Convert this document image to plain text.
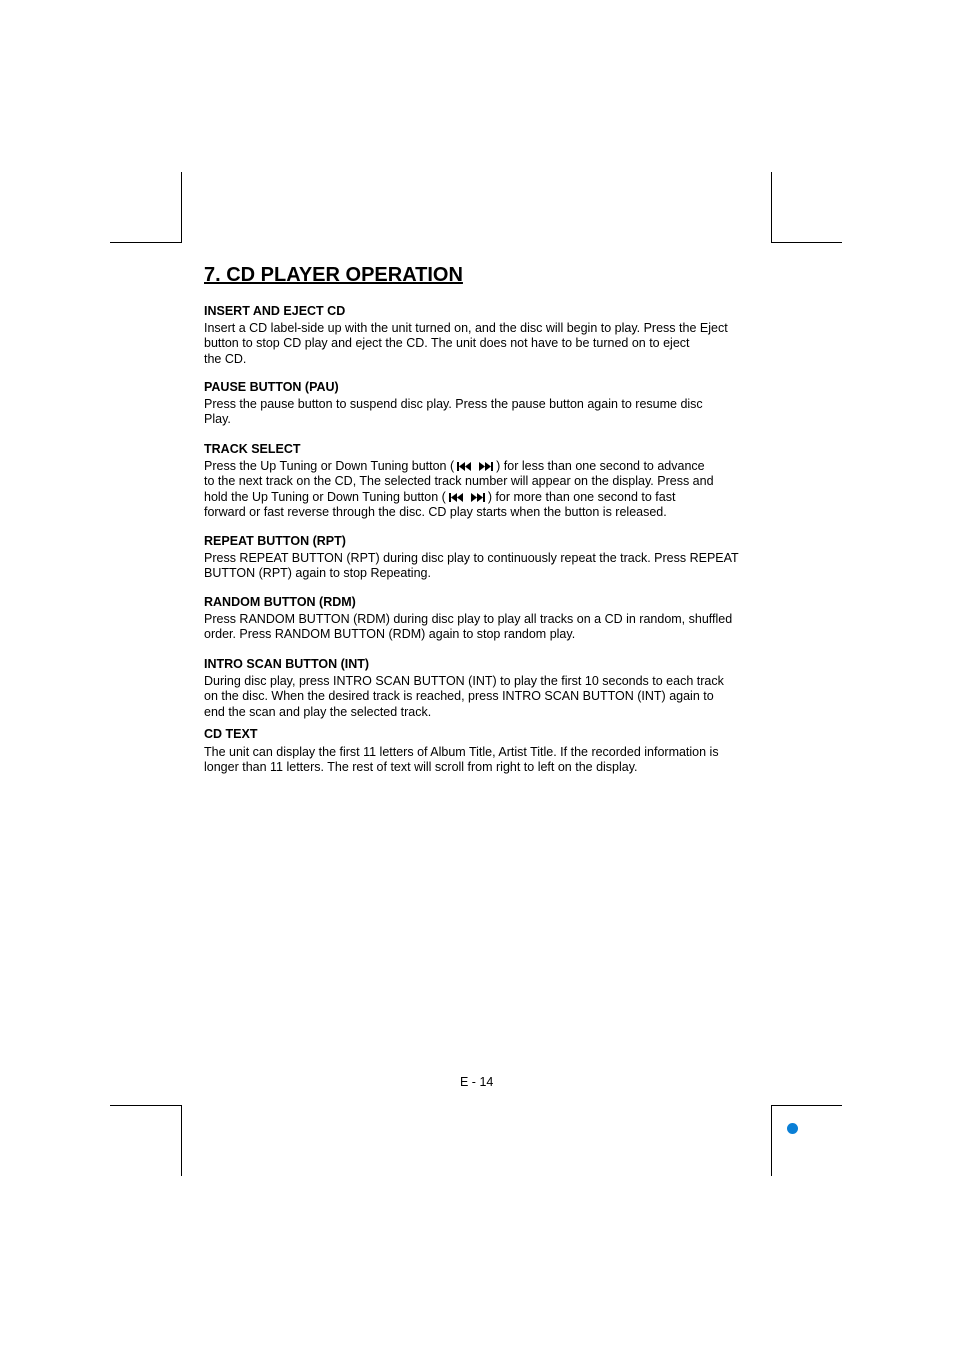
7. CD PLAYER OPERATION
INSERT AND EJECT CD

Insert a CD label-side up with the unit turned on, and the disc will begin to play. Press the Eject
button to stop CD play and eject the CD. The unit does not have to be turned on to eject
the CD.

PAUSE BUTTON (PAU)

Press the pause button to suspend disc play. Press the pause button again to resume disc
Play.

TRACK SELECT

Press the Up Tuning or Down Tuning button (	) for less than one second to advance
to the next track on the CD, The selected track number will appear on the display. Press and
hold the Up Tuning or Down Tuning button (	) for more than one second to fast
forward or fast reverse through the disc. CD play starts when the button is released.

REPEAT BUTTON (RPT)

Press REPEAT BUTTON (RPT) during disc play to continuously repeat the track. Press REPEAT
BUTTON (RPT) again to stop Repeating.

RANDOM BUTTON (RDM)

Press RANDOM BUTTON (RDM) during disc play to play all tracks on a CD in random, shuffled
order. Press RANDOM BUTTON (RDM) again to stop random play.

INTRO SCAN BUTTON (INT)

During disc play, press INTRO SCAN BUTTON (INT) to play the first 10 seconds to each track
on the disc. When the desired track is reached, press INTRO SCAN BUTTON (INT) again to
end the scan and play the selected track.

CD TEXT

The unit can display the first 11 letters of Album Title, Artist Title. If the recorded information is
longer than 11 letters. The rest of text will scroll from right to left on the display.

E - 14
